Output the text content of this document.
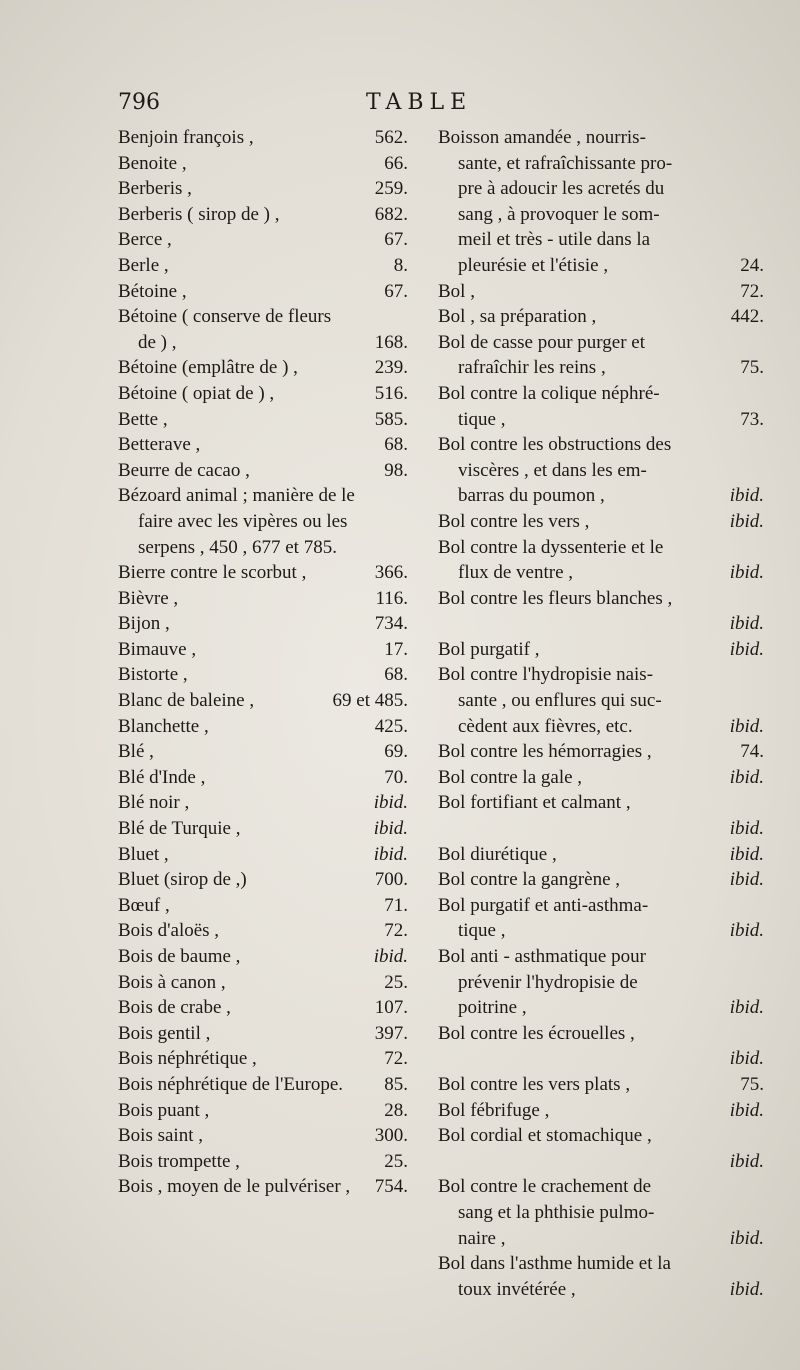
796	TABLE
Benjoin françois ,	562.
Benoite ,	66.
Berberis ,	259.
Berberis ( sirop de ) ,	682.
Berce ,	67.
Berle ,	8.
Bétoine ,	67.
Bétoine ( conserve de fleurs
de ) ,	168.
Bétoine (emplâtre de ) ,	239.
Bétoine ( opiat de ) ,	516.
Bette ,	585.
Betterave ,	68.
Beurre de cacao ,	98.
Bézoard animal ; manière de le
faire avec les vipères ou les
serpens , 450 , 677 et 785.
Bierre contre le scorbut ,	366.
Bièvre ,	116.
Bijon ,	734.
Bimauve ,	17.
Bistorte ,	68.
Blanc de baleine ,	69 et 485.
Blanchette ,	425.
Blé ,	69.
Blé d'Inde ,	70.
Blé noir ,	ibid.
Blé de Turquie ,	ibid.
Bluet ,	ibid.
Bluet (sirop de ,)	700.
Bœuf ,	71.
Bois d'aloës ,	72.
Bois de baume ,	ibid.
Bois à canon ,	25.
Bois de crabe ,	107.
Bois gentil ,	397.
Bois néphrétique ,	72.
Bois néphrétique de l'Europe. 85.
Bois puant ,	28.
Bois saint ,	300.
Bois trompette ,	25.
Bois , moyen de le pulvériser , 754.
Boisson amandée , nourris-
sante, et rafraîchissante pro-
pre à adoucir les acretés du
sang , à provoquer le som-
meil et très - utile dans la
pleurésie et l'étisie ,	24.
Bol ,	72.
Bol , sa préparation ,	442.
Bol de casse pour purger et
rafraîchir les reins ,	75.
Bol contre la colique néphré-
tique ,	73.
Bol contre les obstructions des
viscères , et dans les em-
barras du poumon ,	ibid.
Bol contre les vers ,	ibid.
Bol contre la dyssenterie et le
flux de ventre ,	ibid.
Bol contre les fleurs blanches ,
ibid.
Bol purgatif ,	ibid.
Bol contre l'hydropisie nais-
sante , ou enflures qui suc-
cèdent aux fièvres, etc.	ibid.
Bol contre les hémorragies ,	74.
Bol contre la gale ,	ibid.
Bol fortifiant et calmant ,
ibid.
Bol diurétique ,	ibid.
Bol contre la gangrène ,	ibid.
Bol purgatif et anti-asthma-
tique ,	ibid.
Bol anti - asthmatique pour
prévenir l'hydropisie de
poitrine ,	ibid.
Bol contre les écrouelles ,
ibid.
Bol contre les vers plats ,	75.
Bol fébrifuge ,	ibid.
Bol cordial et stomachique ,
ibid.
Bol contre le crachement de
sang et la phthisie pulmo-
naire ,	ibid.
Bol dans l'asthme humide et la
toux invétérée ,	ibid.
